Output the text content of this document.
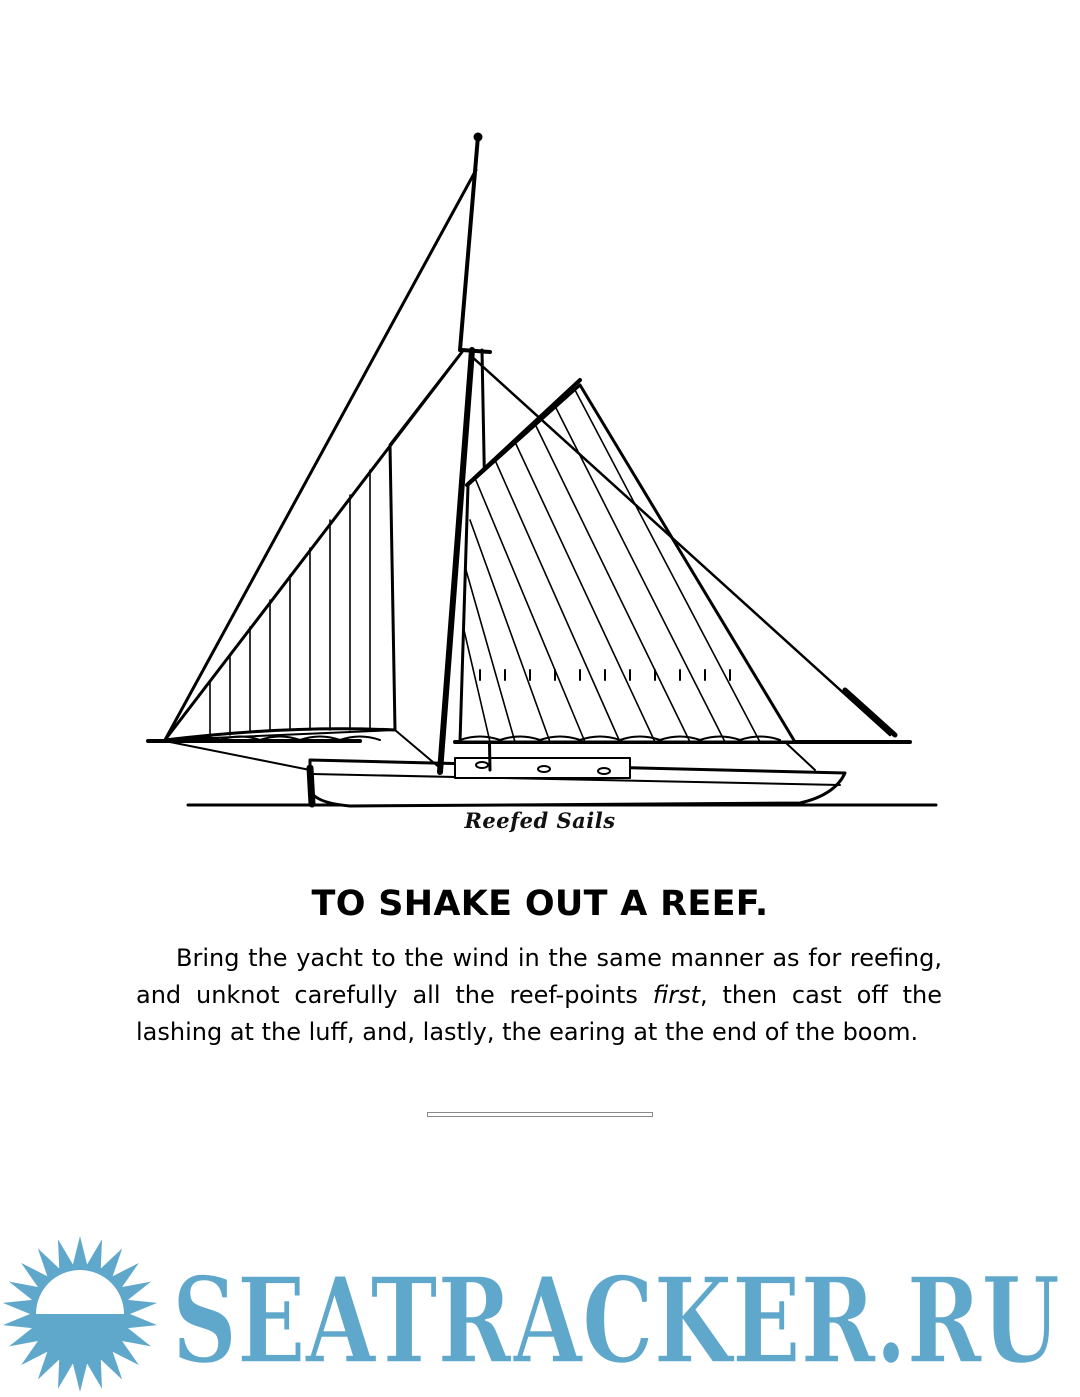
Reefed Sails
TO SHAKE OUT A REEF.

Bring the yacht to the wind in the same manner as for reefing, and unknot carefully all the reef-points first, then cast off the lashing at the luff, and, lastly, the earing at the end of the boom.

SEATRACKER.RU
